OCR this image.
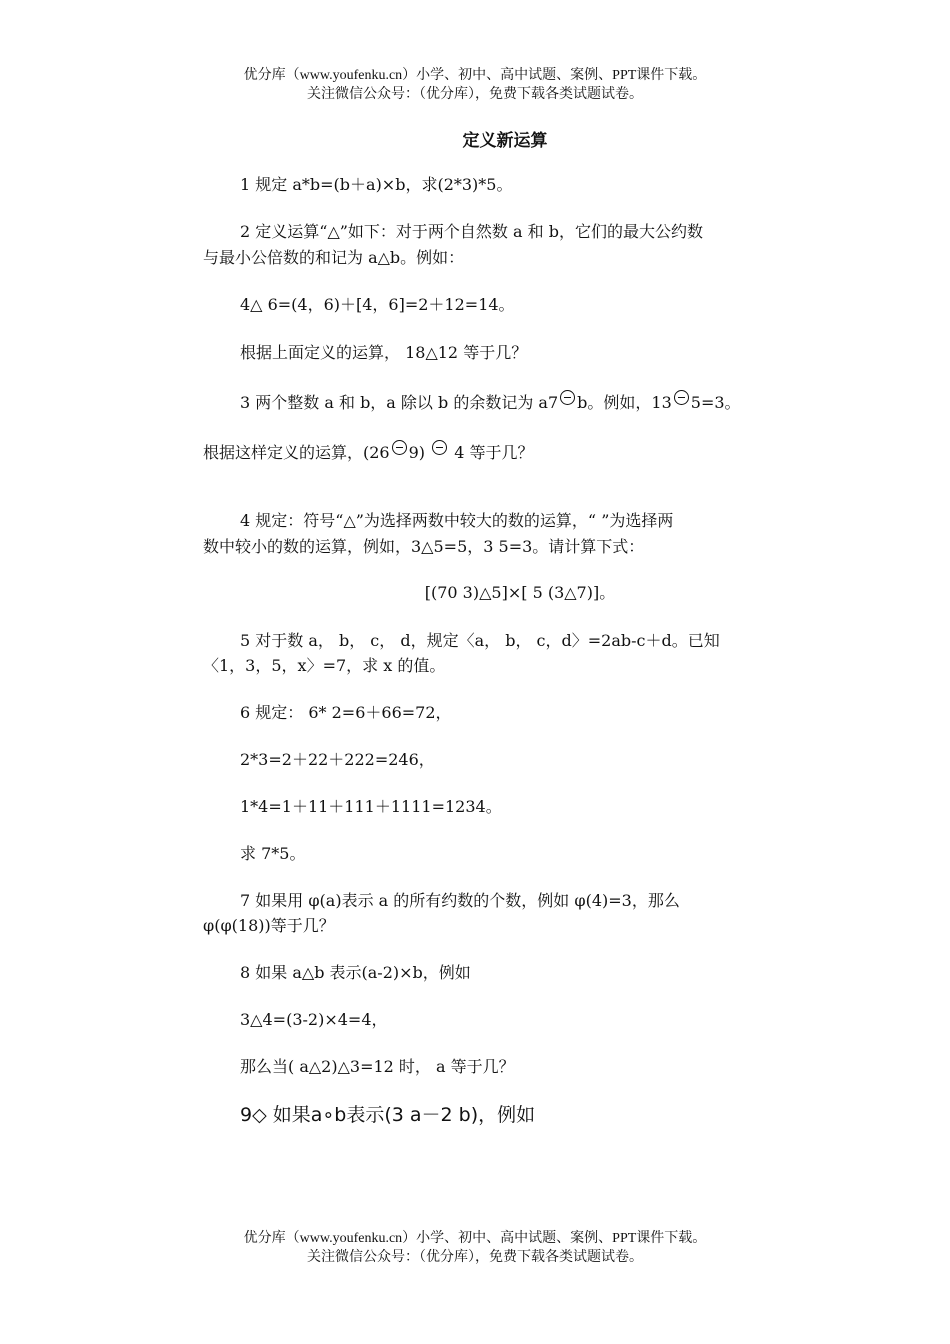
优分库（www.youfenku.cn）小学、初中、高中试题、案例、PPT课件下载。
关注微信公众号：（优分库），免费下载各类试题试卷。
定义新运算
1 规定 a*b=(b＋a)×b，求(2*3)*5。
2 定义运算“△”如下：对于两个自然数 a 和 b，它们的最大公约数
与最小公倍数的和记为 a△b。例如：
4△ 6=(4，6)＋[4，6]=2＋12=14。
根据上面定义的运算， 18△12 等于几？
3 两个整数 a 和 b，a 除以 b 的余数记为 a7 b。例如，13 5=3。
根据这样定义的运算，(26 9)  4 等于几？
4 规定：符号“△”为选择两数中较大的数的运算，“ ”为选择两
数中较小的数的运算，例如，3△5=5，3 5=3。请计算下式：
[(70 3)△5]×[ 5 (3△7)]。
5 对于数 a， b， c， d，规定〈a， b， c，d〉=2ab-c＋d。已知
〈1，3，5，x〉=7，求 x 的值。
6 规定： 6* 2=6＋66=72，
2*3=2＋22＋222=246，
1*4=1＋11＋111＋1111=1234。
求 7*5。
7 如果用 φ(a)表示 a 的所有约数的个数，例如 φ(4)=3，那么
φ(φ(18))等于几？
8 如果 a△b 表示(a-2)×b，例如
3△4=(3-2)×4=4，
那么当( a△2)△3=12 时， a 等于几？
9◇ 如果a∘b表示(3 a－2 b)，例如
优分库（www.youfenku.cn）小学、初中、高中试题、案例、PPT课件下载。
关注微信公众号：（优分库），免费下载各类试题试卷。
